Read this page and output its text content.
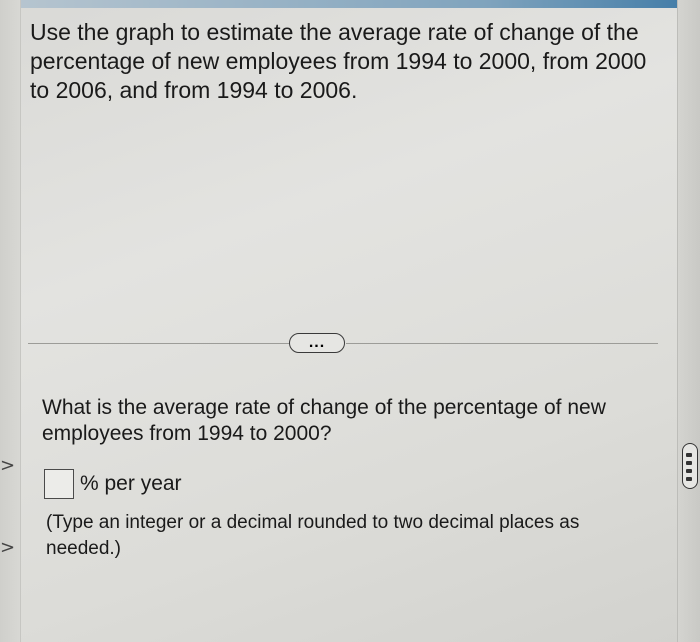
Use the graph to estimate the average rate of change of the percentage of new employees from 1994 to 2000, from 2000 to 2006, and from 1994 to 2006.
...
What is the average rate of change of the percentage of new employees from 1994 to 2000?
% per year
(Type an integer or a decimal rounded to two decimal places as needed.)
>
>
